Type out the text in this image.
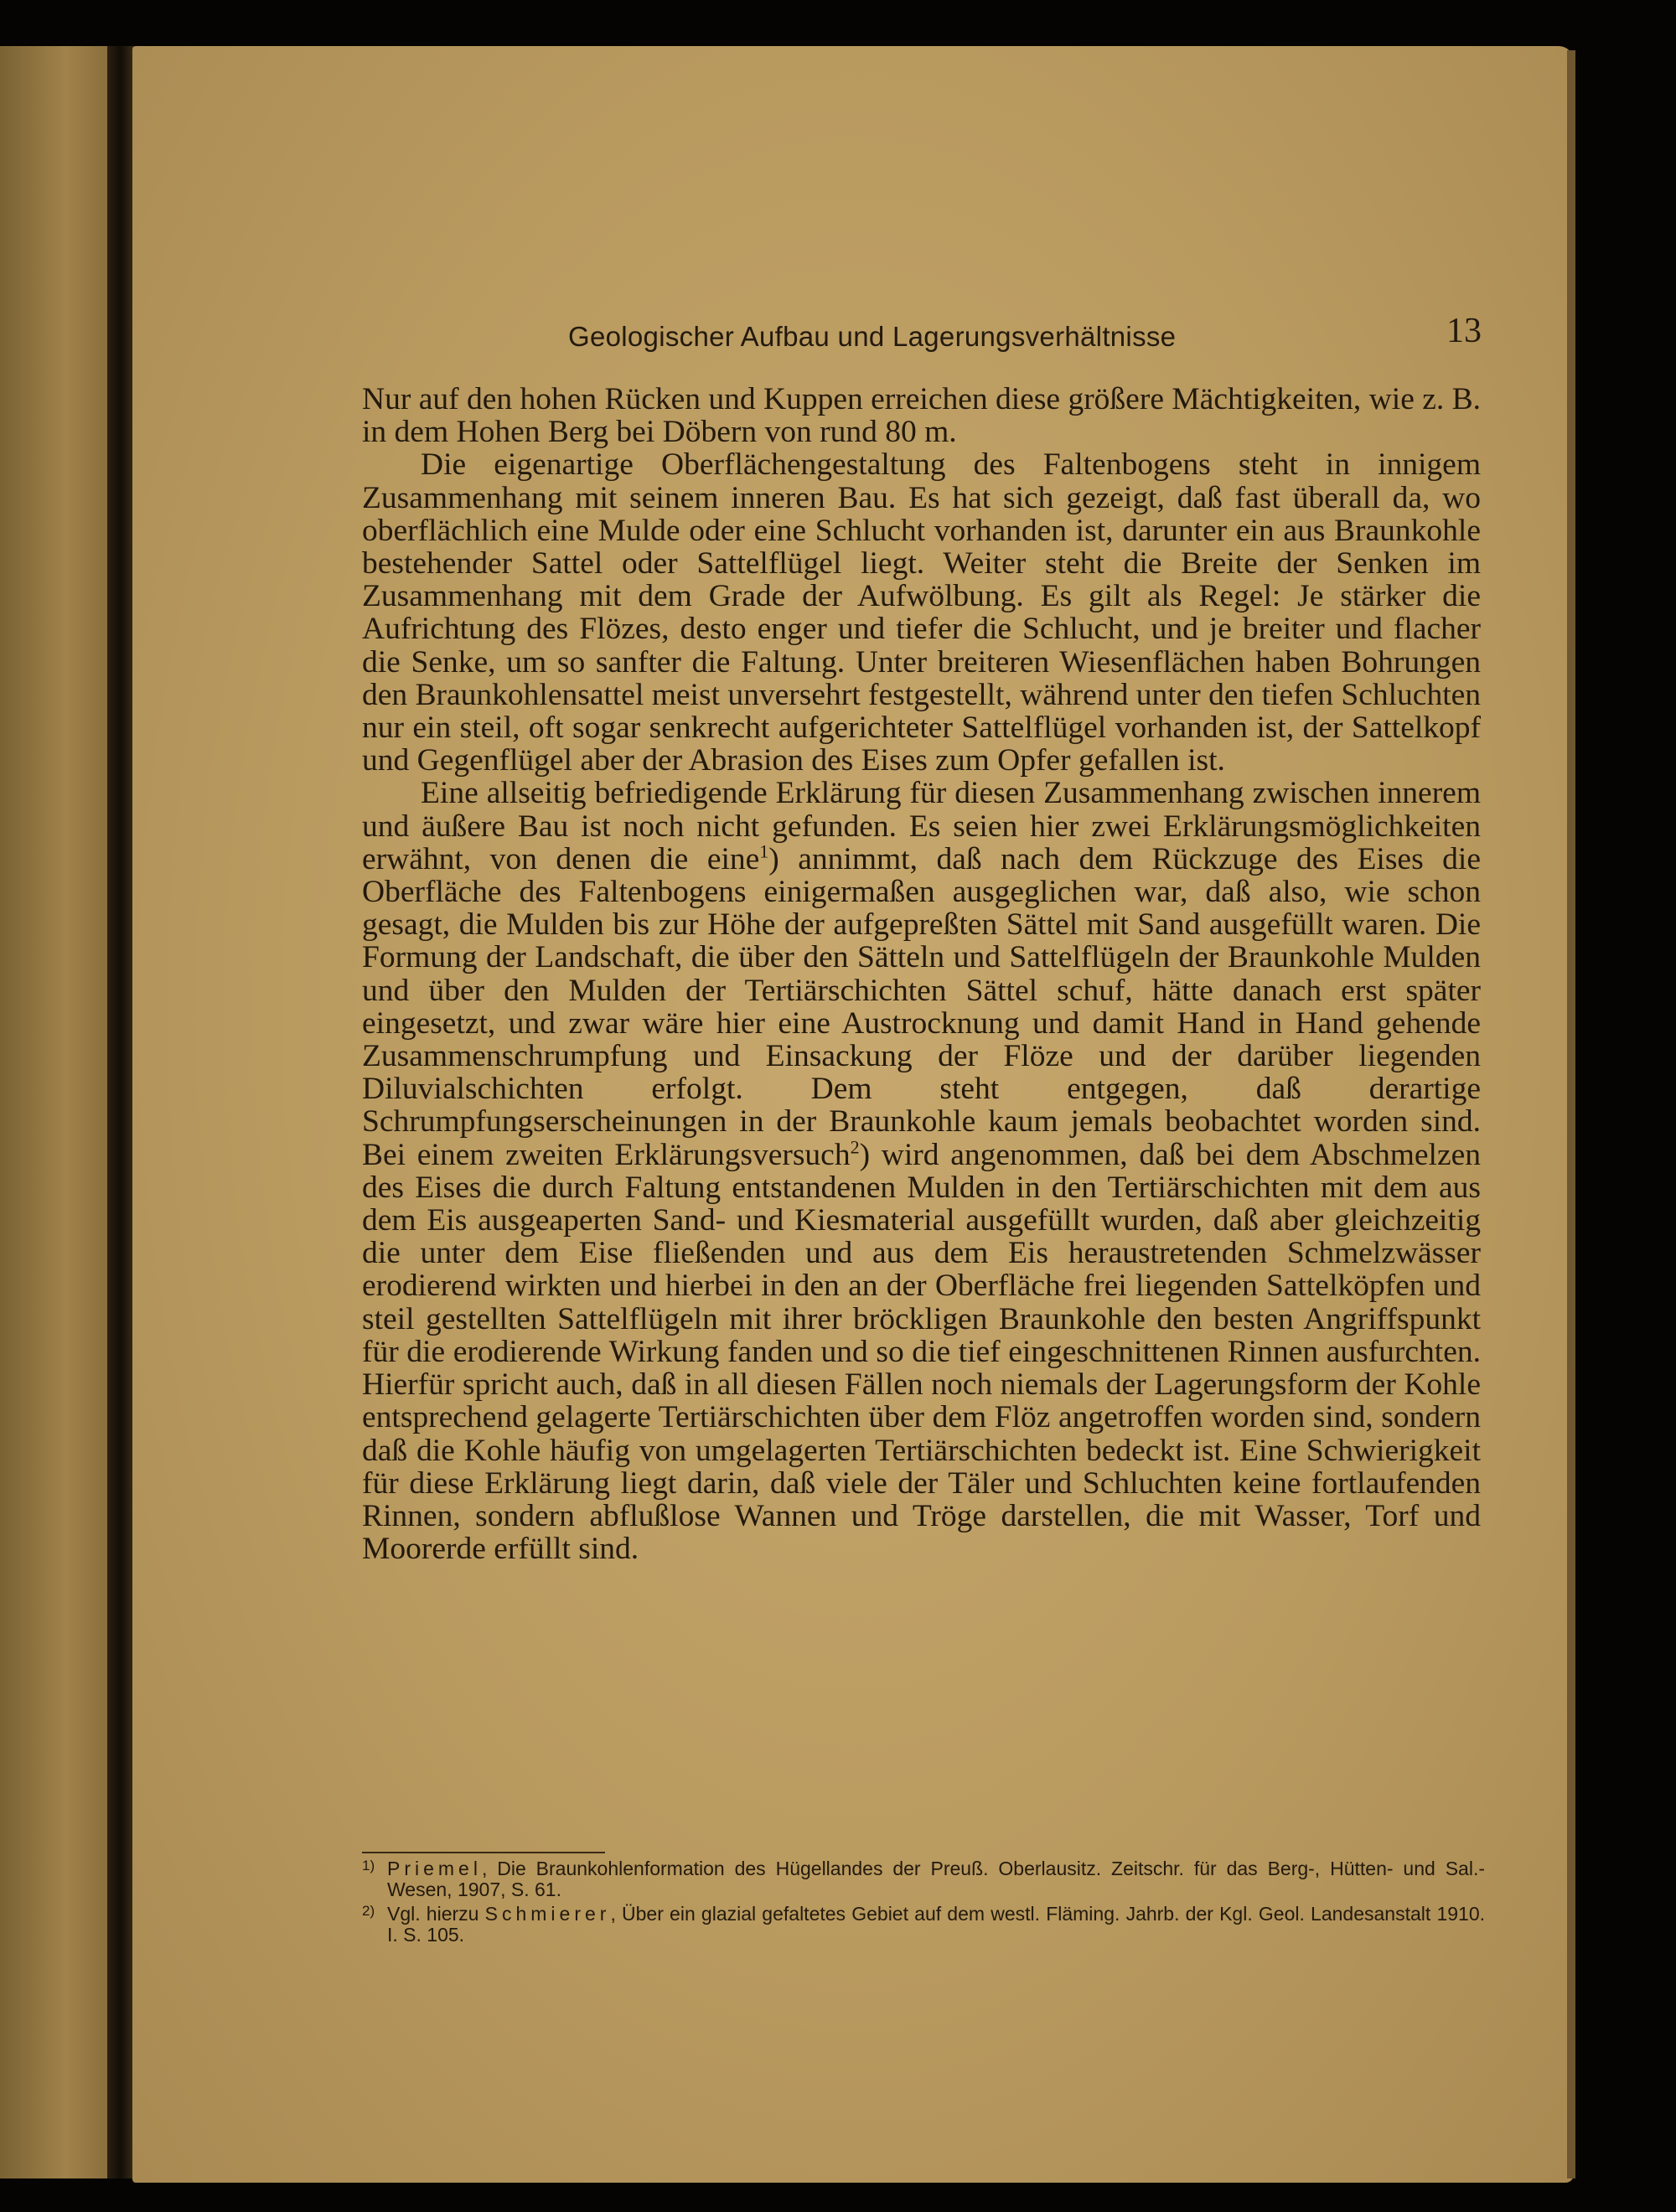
Geologischer Aufbau und Lagerungsverhältnisse	13

Nur auf den hohen Rücken und Kuppen erreichen diese größere Mächtigkeiten, wie z. B. in dem Hohen Berg bei Döbern von rund 80 m.

Die eigenartige Oberflächengestaltung des Faltenbogens steht in innigem Zusammenhang mit seinem inneren Bau. Es hat sich gezeigt, daß fast überall da, wo oberflächlich eine Mulde oder eine Schlucht vorhanden ist, darunter ein aus Braunkohle bestehender Sattel oder Sattelflügel liegt. Weiter steht die Breite der Senken im Zusammenhang mit dem Grade der Aufwölbung. Es gilt als Regel: Je stärker die Aufrichtung des Flözes, desto enger und tiefer die Schlucht, und je breiter und flacher die Senke, um so sanfter die Faltung. Unter breiteren Wiesenflächen haben Bohrungen den Braunkohlensattel meist unversehrt festgestellt, während unter den tiefen Schluchten nur ein steil, oft sogar senkrecht aufgerichteter Sattelflügel vorhanden ist, der Sattelkopf und Gegenflügel aber der Abrasion des Eises zum Opfer gefallen ist.

Eine allseitig befriedigende Erklärung für diesen Zusammenhang zwischen innerem und äußere Bau ist noch nicht gefunden. Es seien hier zwei Erklärungsmöglichkeiten erwähnt, von denen die eine$^1$) annimmt, daß nach dem Rückzuge des Eises die Oberfläche des Faltenbogens einigermaßen ausgeglichen war, daß also, wie schon gesagt, die Mulden bis zur Höhe der aufgepreßten Sättel mit Sand ausgefüllt waren. Die Formung der Landschaft, die über den Sätteln und Sattelflügeln der Braunkohle Mulden und über den Mulden der Tertiärschichten Sättel schuf, hätte danach erst später eingesetzt, und zwar wäre hier eine Austrocknung und damit Hand in Hand gehende Zusammenschrumpfung und Einsackung der Flöze und der darüber liegenden Diluvialschichten erfolgt. Dem steht entgegen, daß derartige Schrumpfungserscheinungen in der Braunkohle kaum jemals beobachtet worden sind. Bei einem zweiten Erklärungsversuch$^2$) wird angenommen, daß bei dem Abschmelzen des Eises die durch Faltung entstandenen Mulden in den Tertiärschichten mit dem aus dem Eis ausgeaperten Sand- und Kiesmaterial ausgefüllt wurden, daß aber gleichzeitig die unter dem Eise fließenden und aus dem Eis heraustretenden Schmelzwässer erodierend wirkten und hierbei in den an der Oberfläche frei liegenden Sattelköpfen und steil gestellten Sattelflügeln mit ihrer bröckligen Braunkohle den besten Angriffspunkt für die erodierende Wirkung fanden und so die tief eingeschnittenen Rinnen ausfurchten. Hierfür spricht auch, daß in all diesen Fällen noch niemals der Lagerungsform der Kohle entsprechend gelagerte Tertiärschichten über dem Flöz angetroffen worden sind, sondern daß die Kohle häufig von umgelagerten Tertiärschichten bedeckt ist. Eine Schwierigkeit für diese Erklärung liegt darin, daß viele der Täler und Schluchten keine fortlaufenden Rinnen, sondern abflußlose Wannen und Tröge darstellen, die mit Wasser, Torf und Moorerde erfüllt sind.

1) Priemel, Die Braunkohlenformation des Hügellandes der Preuß. Oberlausitz. Zeitschr. für das Berg-, Hütten- und Sal.-Wesen, 1907, S. 61.
2) Vgl. hierzu Schmierer, Über ein glazial gefaltetes Gebiet auf dem westl. Fläming. Jahrb. der Kgl. Geol. Landesanstalt 1910. I. S. 105.
